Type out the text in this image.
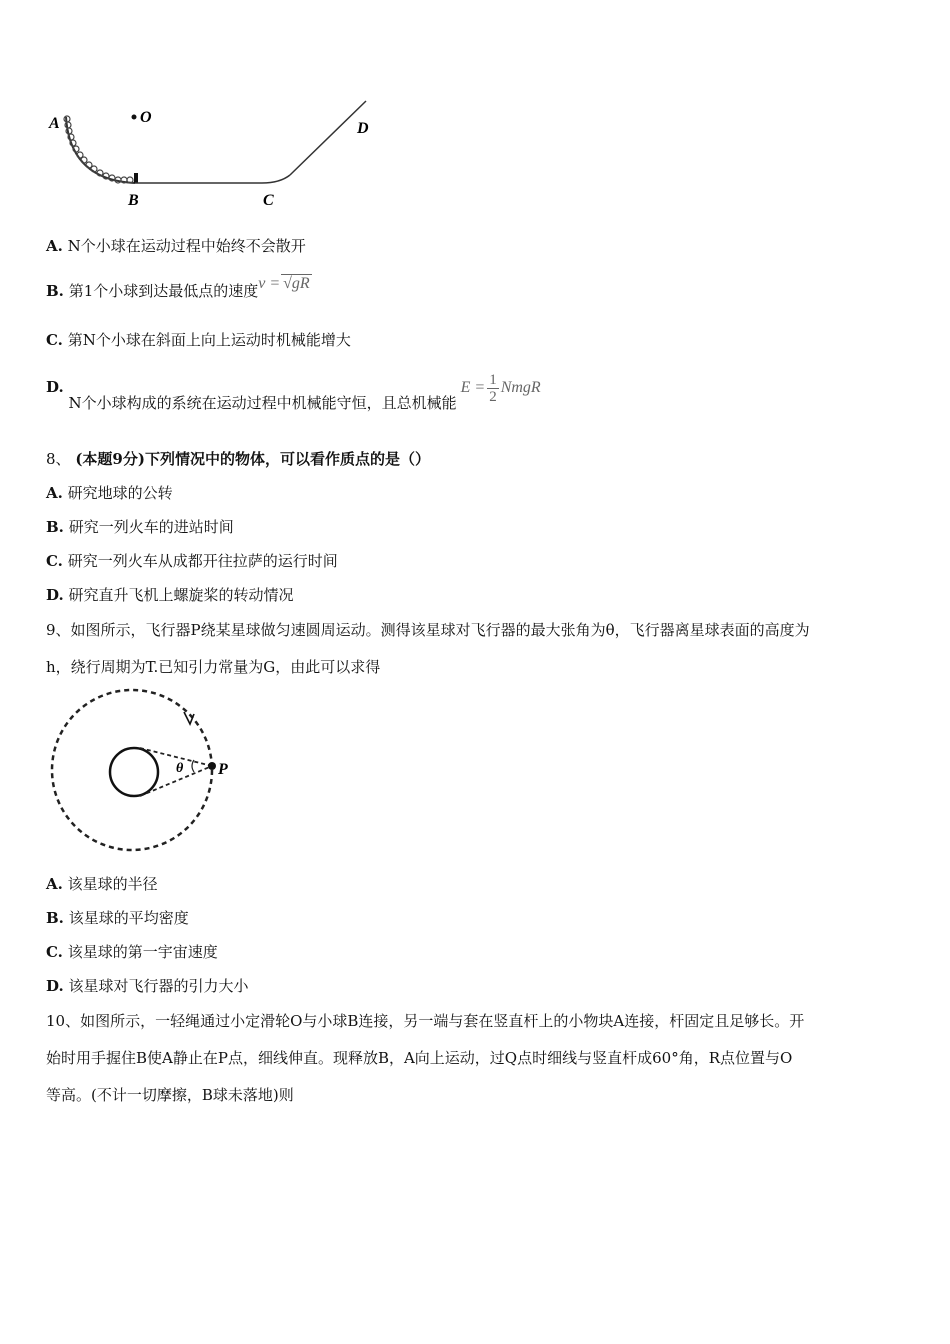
A	O
B	C
D
A. N个小球在运动过程中始终不会散开
B. 第1个小球到达最低点的速度v = √gR
C. 第N个小球在斜面上向上运动时机械能增大
D. N个小球构成的系统在运动过程中机械能守恒，且总机械能$E = \frac{1}{2}$ NmgR
8、 (本题9分)下列情况中的物体，可以看作质点的是（）
A. 研究地球的公转
B. 研究一列火车的进站时间
C. 研究一列火车从成都开往拉萨的运行时间
D. 研究直升飞机上螺旋桨的转动情况
9、如图所示，飞行器P绕某星球做匀速圆周运动。测得该星球对飞行器的最大张角为θ，飞行器离星球表面的高度为
h，绕行周期为T.已知引力常量为G，由此可以求得
θ P
A. 该星球的半径
B. 该星球的平均密度
C. 该星球的第一宇宙速度
D. 该星球对飞行器的引力大小
10、如图所示，一轻绳通过小定滑轮O与小球B连接，另一端与套在竖直杆上的小物块A连接，杆固定且足够长。开
始时用手握住B使A静止在P点，细线伸直。现释放B，A向上运动，过Q点时细线与竖直杆成60°角，R点位置与O
等高。(不计一切摩擦，B球未落地)则
